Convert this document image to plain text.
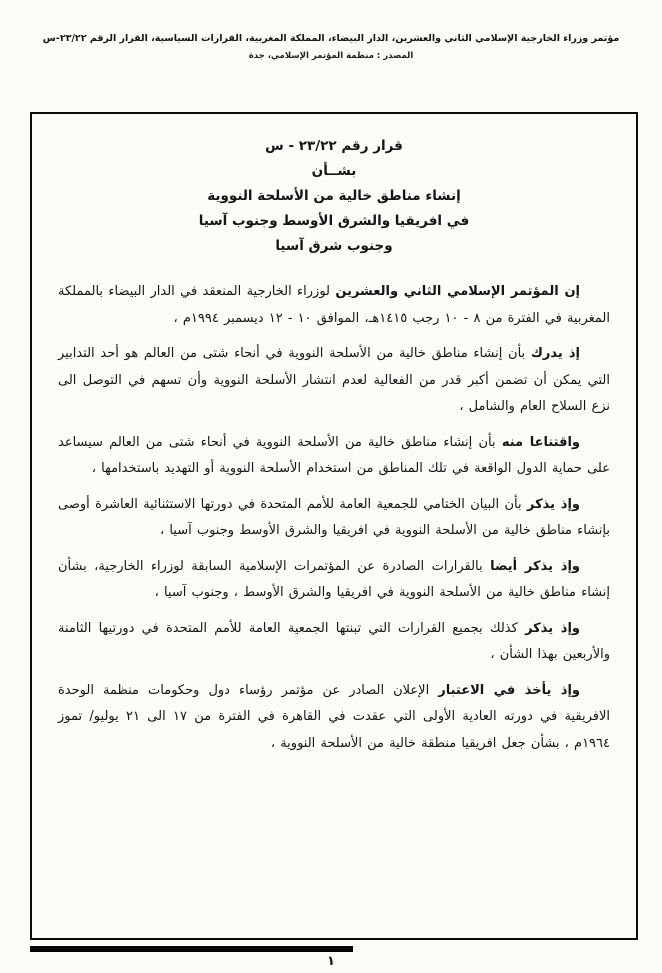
مؤتمر وزراء الخارجية الإسلامي الثاني والعشرين، الدار البيضاء، المملكة المغربية، القرارات السياسية، القرار الرقم ٢٣/٢٢-س
المصدر : منظمة المؤتمر الإسلامي، جدة
قرار رقم ٢٣/٢٢ - س
بشــأن
إنشاء مناطق خالية من الأسلحة النووية
في افريقيا والشرق الأوسط وجنوب آسيا
وجنوب شرق آسيا

إن المؤتمر الإسلامي الثاني والعشرين لوزراء الخارجية المنعقد في الدار البيضاء بالمملكة المغربية في الفترة من ٨ - ١٠ رجب ١٤١٥هـ، الموافق ١٠ - ١٢ ديسمبر ١٩٩٤م ،

إذ يدرك بأن إنشاء مناطق خالية من الأسلحة النووية في أنحاء شتى من العالم هو أحد التدابير التي يمكن أن تضمن أكبر قدر من الفعالية لعدم انتشار الأسلحة النووية وأن تسهم في التوصل الى نزع السلاح العام والشامل ،

واقتناعا منه بأن إنشاء مناطق خالية من الأسلحة النووية في أنحاء شتى من العالم سيساعد على حماية الدول الواقعة في تلك المناطق من استخدام الأسلحة النووية أو التهديد باستخدامها ،

وإذ يذكر بأن البيان الختامي للجمعية العامة للأمم المتحدة في دورتها الاستثنائية العاشرة أوصى بإنشاء مناطق خالية من الأسلحة النووية في افريقيا والشرق الأوسط وجنوب آسيا ،

وإذ يذكر أيضا بالقرارات الصادرة عن المؤتمرات الإسلامية السابقة لوزراء الخارجية، بشأن إنشاء مناطق خالية من الأسلحة النووية في افريقيا والشرق الأوسط ، وجنوب آسيا ،

وإذ يذكر كذلك بجميع القرارات التي تبنتها الجمعية العامة للأمم المتحدة في دورتيها الثامنة والأربعين بهذا الشأن ،

وإذ يأخذ في الاعتبار الإعلان الصادر عن مؤتمر رؤساء دول وحكومات منظمة الوحدة الافريقية في دورته العادية الأولى التي عقدت في القاهرة في الفترة من ١٧ الى ٢١ يوليو/ تموز ١٩٦٤م ، بشأن جعل افريقيا منطقة خالية من الأسلحة النووية ،

١
